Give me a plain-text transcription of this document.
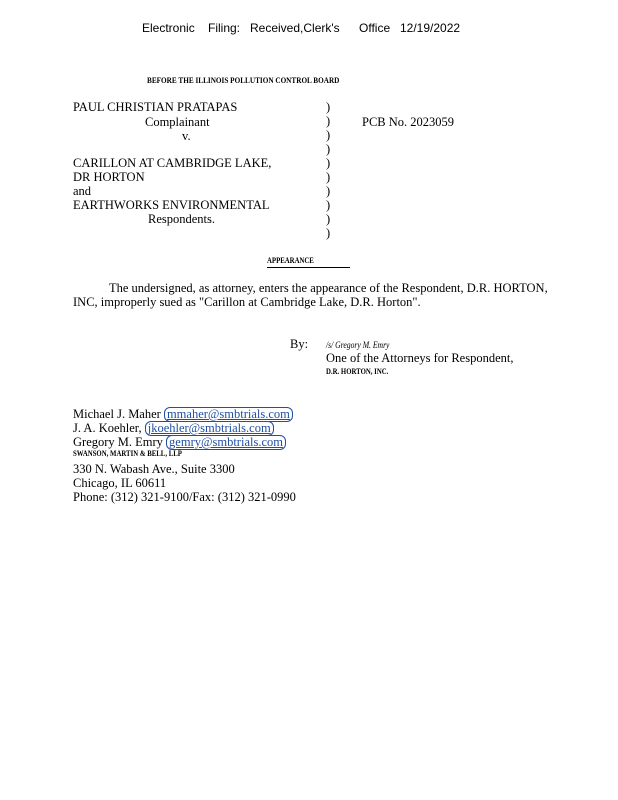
Electronic Filing: Received,Clerk's Office 12/19/2022
BEFORE THE ILLINOIS POLLUTION CONTROL BOARD
PAUL CHRISTIAN PRATAPAS
Complainant
v.
CARILLON AT CAMBRIDGE LAKE,
DR HORTON
and
EARTHWORKS ENVIRONMENTAL
Respondents.
)
)
)
)
)
)
)
)
)
)
PCB No. 2023059
APPEARANCE
The undersigned, as attorney, enters the appearance of the Respondent, D.R. HORTON,
INC, improperly sued as "Carillon at Cambridge Lake, D.R. Horton".
By: /s/ Gregory M. Emry
One of the Attorneys for Respondent,
D.R. HORTON, INC.
Michael J. Maher mmaher@smbtrials.com
J. A. Koehler, jkoehler@smbtrials.com
Gregory M. Emry gemry@smbtrials.com
SWANSON, MARTIN & BELL, LLP
330 N. Wabash Ave., Suite 3300
Chicago, IL 60611
Phone: (312) 321-9100/Fax: (312) 321-0990
